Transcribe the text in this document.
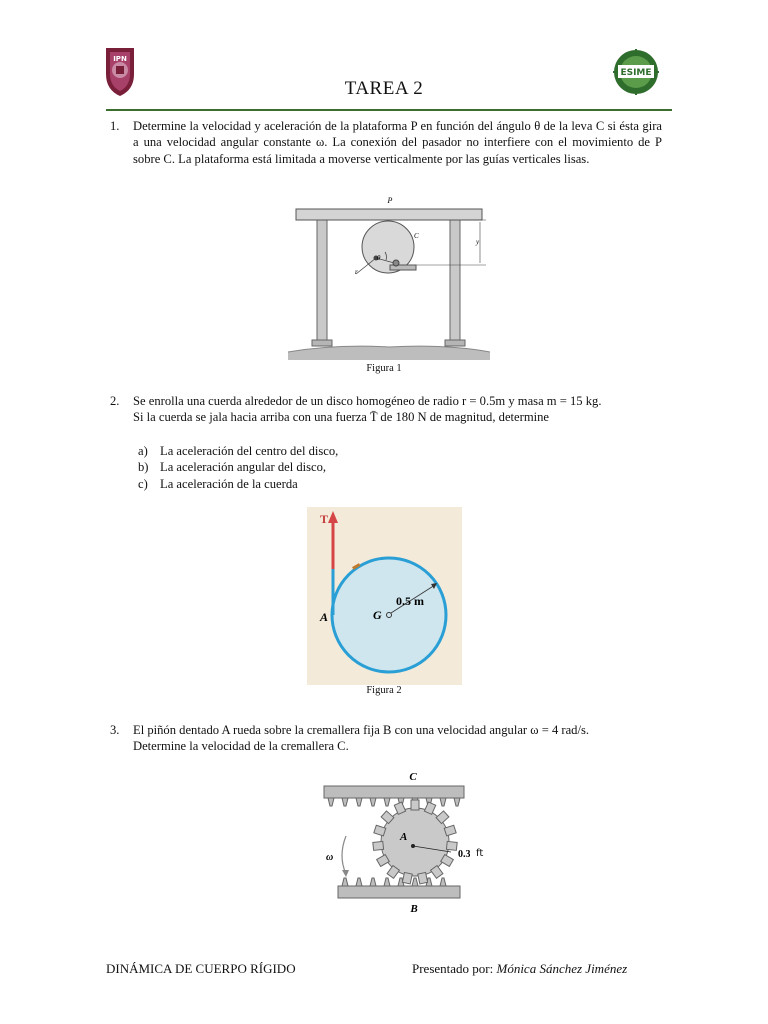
IPN
ESIME
TAREA 2
1. Determine la velocidad y aceleración de la plataforma P en función del ángulo θ de la leva C si ésta gira a una velocidad angular constante ω. La conexión del pasador no interfiere con el movimiento de P sobre C. La plataforma está limitada a moverse verticalmente por las guías verticales lisas.
P
θ
r
C
y
Figura 1
2. Se enrolla una cuerda alrededor de un disco homogéneo de radio r = 0.5m y masa m = 15 kg.
Si la cuerda se jala hacia arriba con una fuerza T̄ de 180 N de magnitud, determine
a) La aceleración del centro del disco,
b) La aceleración angular del disco,
c) La aceleración de la cuerda
T
0.5 m
G
A
Figura 2
3. El piñón dentado A rueda sobre la cremallera fija B con una velocidad angular ω = 4 rad/s.
Determine la velocidad de la cremallera C.
C
B
A
0.3
ω	ft
DINÁMICA DE CUERPO RÍGIDO	Presentado por: Mónica Sánchez Jiménez
